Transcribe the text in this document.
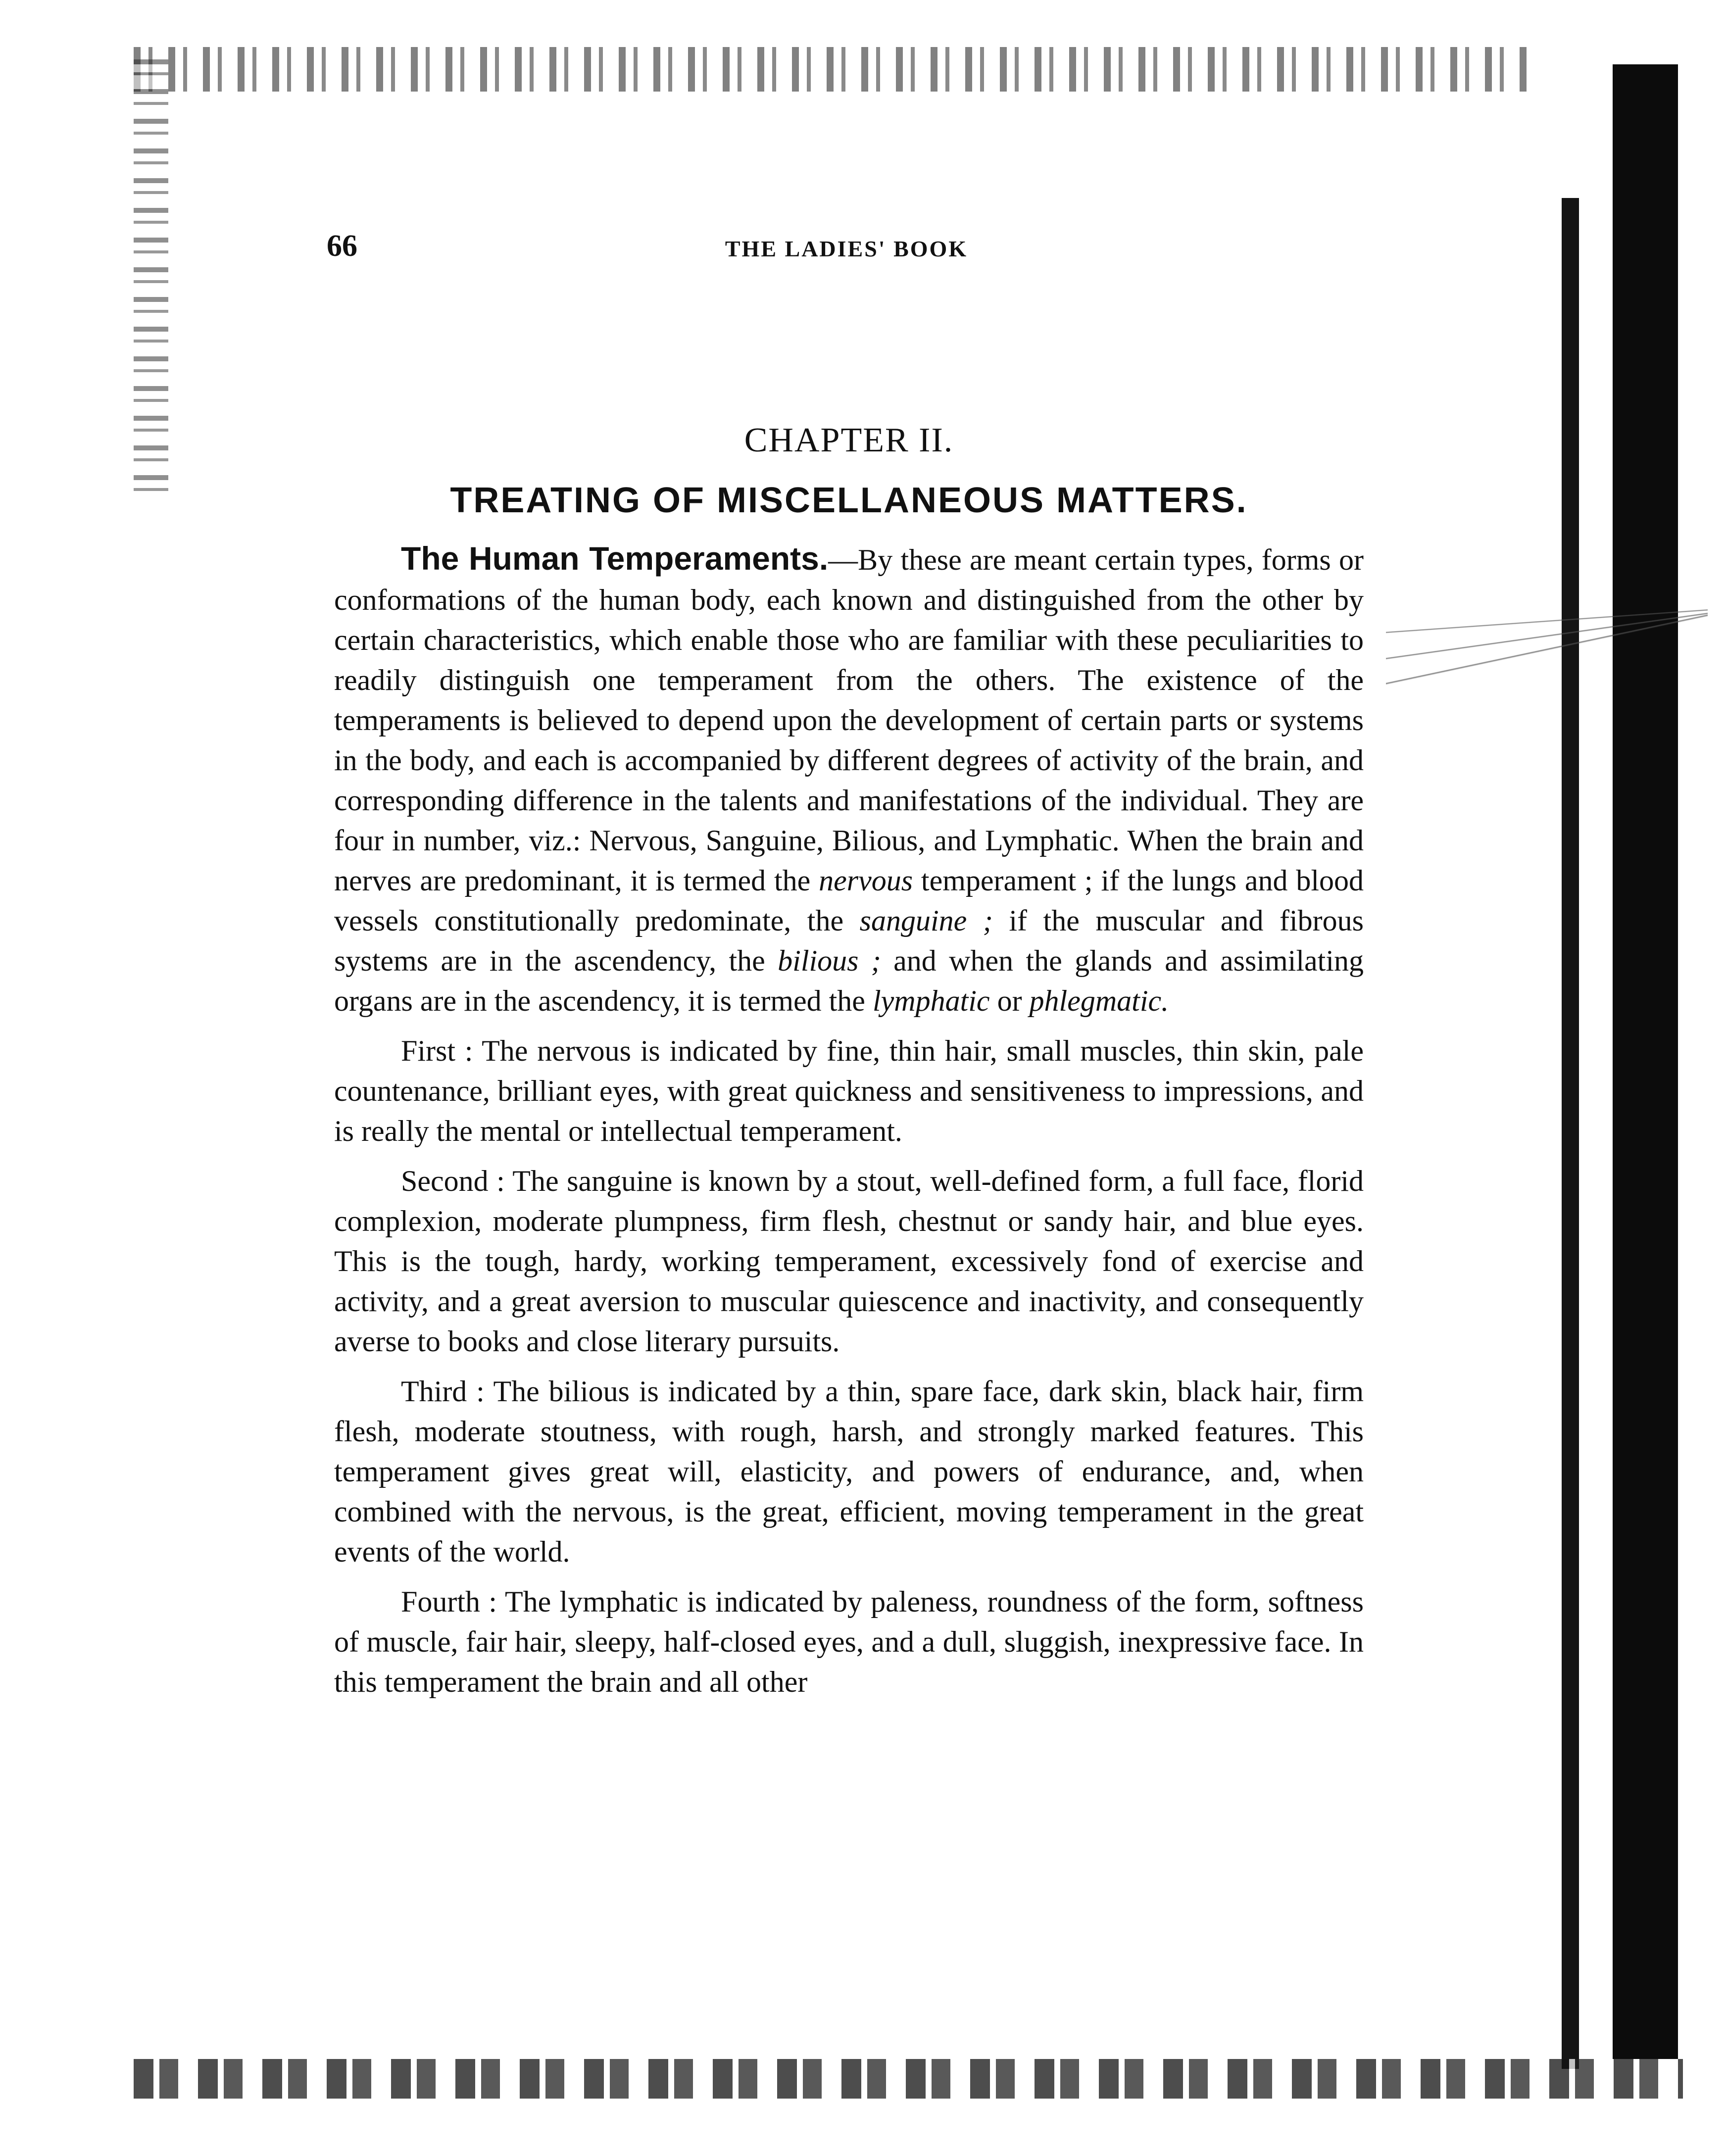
66	THE LADIES' BOOK
CHAPTER II.
TREATING OF MISCELLANEOUS MATTERS.

The Human Temperaments.—By these are meant certain types, forms or conformations of the human body, each known and distinguished from the other by certain characteristics, which enable those who are familiar with these peculiarities to readily distinguish one temperament from the others. The existence of the temperaments is believed to depend upon the development of certain parts or systems in the body, and each is accompanied by different degrees of activity of the brain, and corresponding difference in the talents and manifestations of the individual. They are four in number, viz.: Nervous, Sanguine, Bilious, and Lymphatic. When the brain and nerves are predominant, it is termed the nervous temperament ; if the lungs and blood vessels constitutionally predominate, the sanguine ; if the muscular and fibrous systems are in the ascendency, the bilious ; and when the glands and assimilating organs are in the ascendency, it is termed the lymphatic or phlegmatic.

First : The nervous is indicated by fine, thin hair, small muscles, thin skin, pale countenance, brilliant eyes, with great quickness and sensitiveness to impressions, and is really the mental or intellectual temperament.

Second : The sanguine is known by a stout, well-defined form, a full face, florid complexion, moderate plumpness, firm flesh, chestnut or sandy hair, and blue eyes. This is the tough, hardy, working temperament, excessively fond of exercise and activity, and a great aversion to muscular quiescence and inactivity, and consequently averse to books and close literary pursuits.

Third : The bilious is indicated by a thin, spare face, dark skin, black hair, firm flesh, moderate stoutness, with rough, harsh, and strongly marked features. This temperament gives great will, elasticity, and powers of endurance, and, when combined with the nervous, is the great, efficient, moving temperament in the great events of the world.

Fourth : The lymphatic is indicated by paleness, roundness of the form, softness of muscle, fair hair, sleepy, half-closed eyes, and a dull, sluggish, inexpressive face. In this temperament the brain and all other
